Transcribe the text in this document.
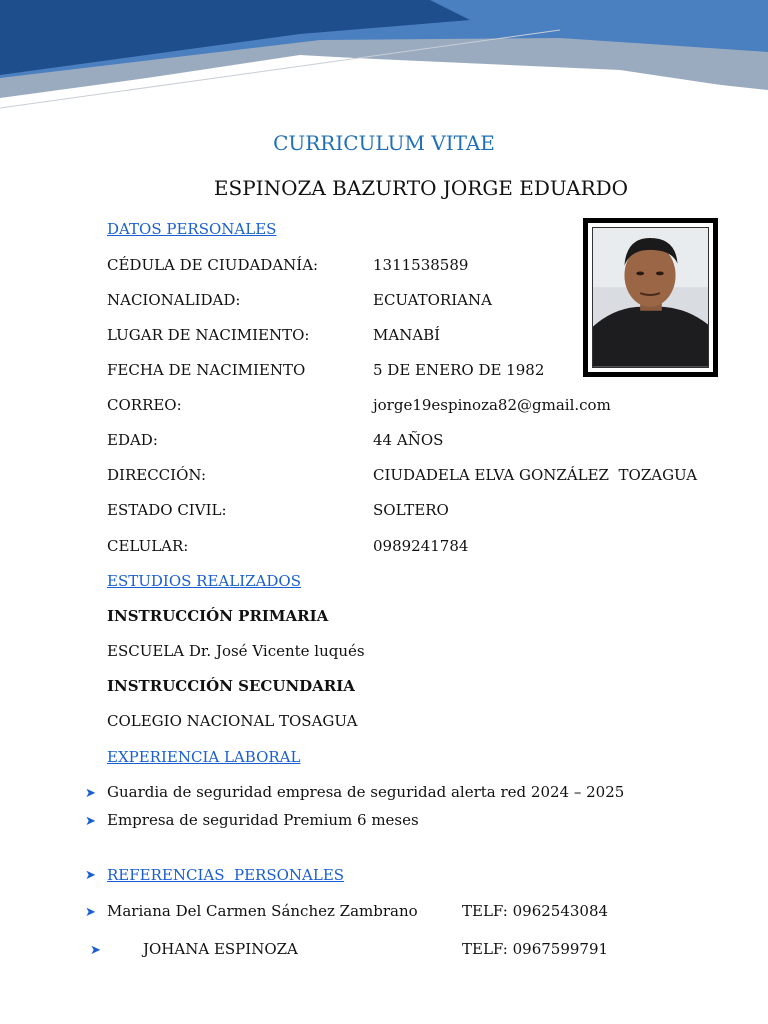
CURRICULUM VITAE
ESPINOZA BAZURTO JORGE EDUARDO
DATOS PERSONALES
CÉDULA DE CIUDADANÍA:	1311538589
NACIONALIDAD:	ECUATORIANA
LUGAR DE NACIMIENTO:	MANABÍ
FECHA DE NACIMIENTO	5 DE ENERO DE 1982
CORREO:	jorge19espinoza82@gmail.com
EDAD:	44 AÑOS
DIRECCIÓN:	CIUDADELA ELVA GONZÁLEZ  TOZAGUA
ESTADO CIVIL:	SOLTERO
CELULAR:	0989241784
ESTUDIOS REALIZADOS
INSTRUCCIÓN PRIMARIA
ESCUELA Dr. José Vicente luqués
INSTRUCCIÓN SECUNDARIA
COLEGIO NACIONAL TOSAGUA
EXPERIENCIA LABORAL
➤ Guardia de seguridad empresa de seguridad alerta red 2024 – 2025
➤ Empresa de seguridad Premium 6 meses
➤ REFERENCIAS  PERSONALES
➤ Mariana Del Carmen Sánchez Zambrano	TELF: 0962543084
➤	JOHANA ESPINOZA	TELF: 0967599791
